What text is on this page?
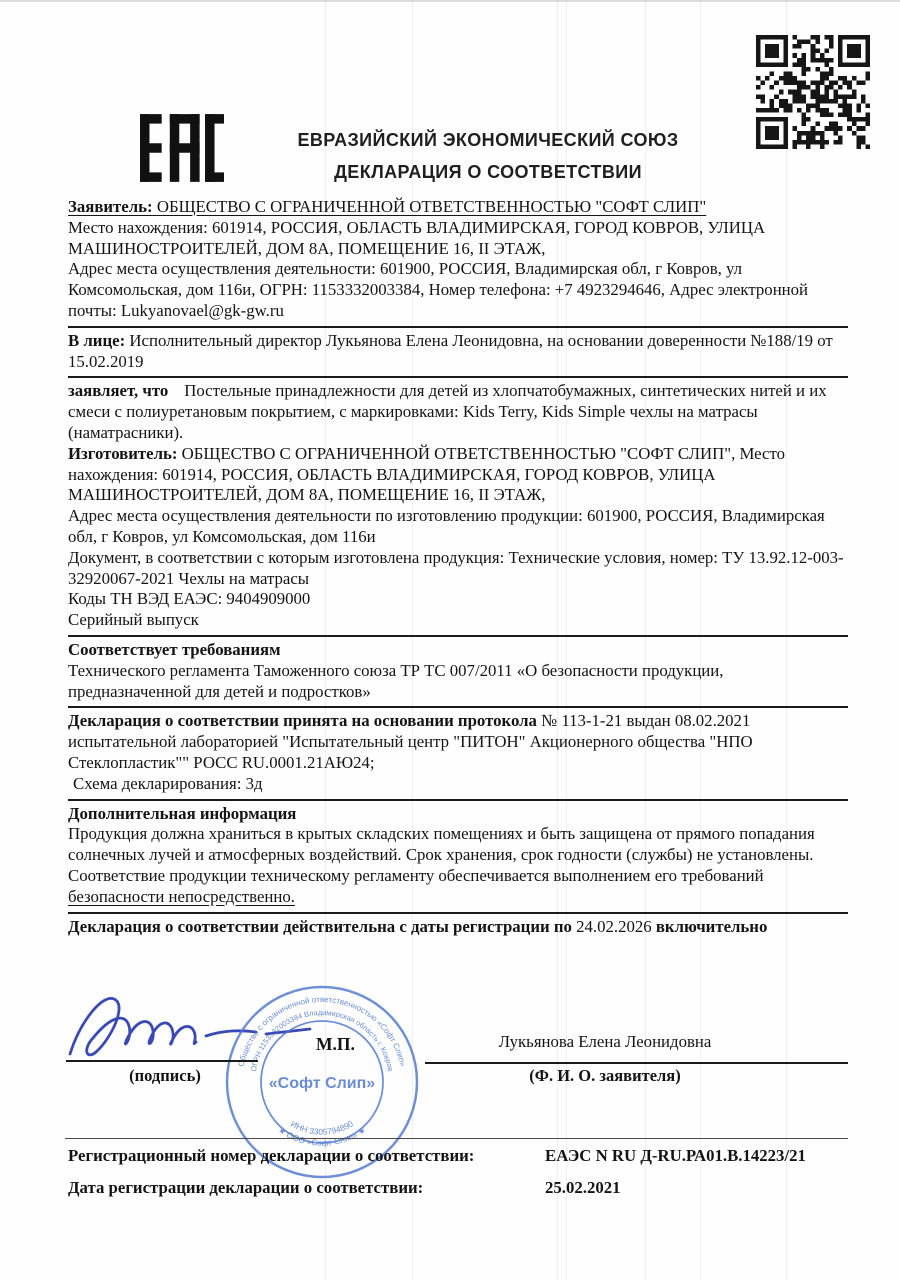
ЕВРАЗИЙСКИЙ ЭКОНОМИЧЕСКИЙ СОЮЗ
ДЕКЛАРАЦИЯ О СООТВЕТСТВИИ

Заявитель: ОБЩЕСТВО С ОГРАНИЧЕННОЙ ОТВЕТСТВЕННОСТЬЮ "СОФТ СЛИП"

Место нахождения: 601914, РОССИЯ, ОБЛАСТЬ ВЛАДИМИРСКАЯ, ГОРОД КОВРОВ, УЛИЦА МАШИНОСТРОИТЕЛЕЙ, ДОМ 8А, ПОМЕЩЕНИЕ 16, II ЭТАЖ,

Адрес места осуществления деятельности: 601900, РОССИЯ, Владимирская обл, г Ковров, ул Комсомольская, дом 116и, ОГРН: 1153332003384, Номер телефона: +7 4923294646, Адрес электронной почты: Lukyanovael@gk-gw.ru

В лице: Исполнительный директор Лукьянова Елена Леонидовна, на основании доверенности №188/19 от 15.02.2019

заявляет, что Постельные принадлежности для детей из хлопчатобумажных, синтетических нитей и их смеси с полиуретановым покрытием, с маркировками: Kids Terry, Kids Simple чехлы на матрасы (наматрасники).

Изготовитель: ОБЩЕСТВО С ОГРАНИЧЕННОЙ ОТВЕТСТВЕННОСТЬЮ "СОФТ СЛИП", Место нахождения: 601914, РОССИЯ, ОБЛАСТЬ ВЛАДИМИРСКАЯ, ГОРОД КОВРОВ, УЛИЦА МАШИНОСТРОИТЕЛЕЙ, ДОМ 8А, ПОМЕЩЕНИЕ 16, II ЭТАЖ,

Адрес места осуществления деятельности по изготовлению продукции: 601900, РОССИЯ, Владимирская обл, г Ковров, ул Комсомольская, дом 116и

Документ, в соответствии с которым изготовлена продукция: Технические условия, номер: ТУ 13.92.12-003-32920067-2021 Чехлы на матрасы

Коды ТН ВЭД ЕАЭС: 9404909000

Серийный выпуск

Соответствует требованиям

Технического регламента Таможенного союза ТР ТС 007/2011 «О безопасности продукции, предназначенной для детей и подростков»

Декларация о соответствии принята на основании протокола № 113-1-21 выдан 08.02.2021

испытательной лабораторией "Испытательный центр "ПИТОН" Акционерного общества "НПО Стеклопластик"" РОСС RU.0001.21АЮ24;

Схема декларирования: 3д

Дополнительная информация

Продукция должна храниться в крытых складских помещениях и быть защищена от прямого попадания солнечных лучей и атмосферных воздействий. Срок хранения, срок годности (службы) не установлены. Соответствие продукции техническому регламенту обеспечивается выполнением его требований безопасности непосредственно.

Декларация о соответствии действительна с даты регистрации по 24.02.2026 включительно

Общество с ограниченной ответственностью «Софт Слип»
ОГРН 1153332003384 Владимирская область г. Ковров
★ ООО «Софт Слип» ★
ИНН 3305794890
«Софт Слип»
М.П.
(подпись)
Лукьянова Елена Леонидовна
(Ф. И. О. заявителя)
Регистрационный номер декларации о соответствии:	ЕАЭС N RU Д-RU.РА01.В.14223/21
Дата регистрации декларации о соответствии:	25.02.2021
